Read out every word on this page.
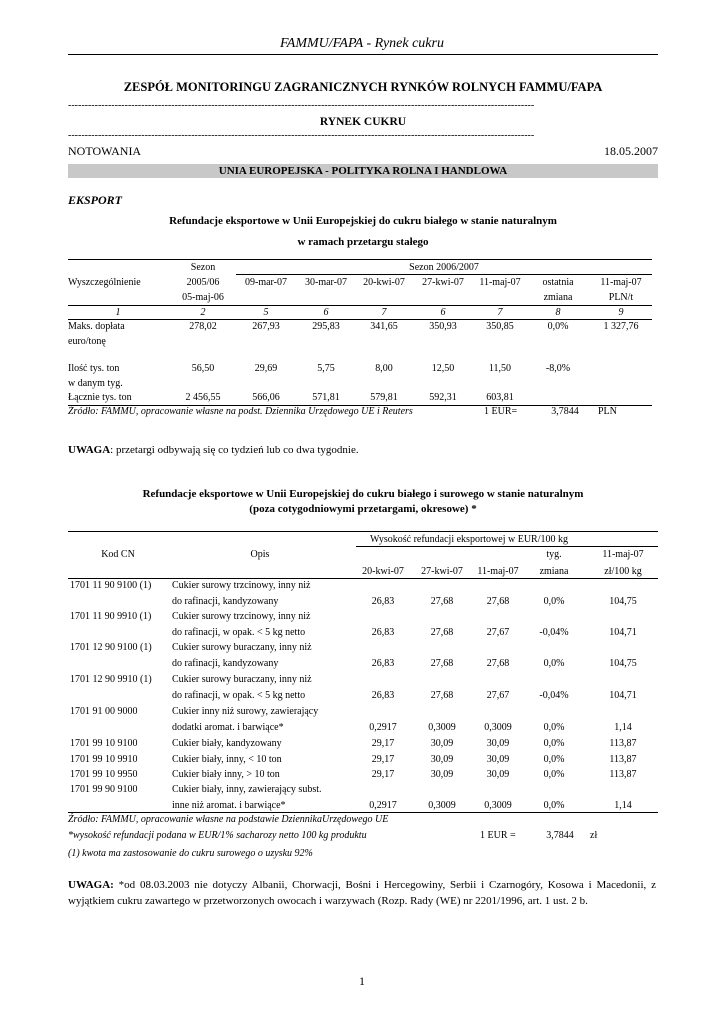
FAMMU/FAPA - Rynek cukru
ZESPÓŁ MONITORINGU ZAGRANICZNYCH RYNKÓW ROLNYCH FAMMU/FAPA
--------------------------------------------------------------------------------------------------------------------------------------------
RYNEK CUKRU
--------------------------------------------------------------------------------------------------------------------------------------------
NOTOWANIA	18.05.2007
UNIA EUROPEJSKA - POLITYKA ROLNA I HANDLOWA
EKSPORT
Refundacje eksportowe w Unii Europejskiej do cukru białego w stanie naturalnym
w ramach przetargu stałego
Sezon	Sezon 2006/2007
Wyszczególnienie	2005/06
05-maj-06
09-mar-07	30-mar-07	20-kwi-07	27-kwi-07	11-maj-07	ostatnia
zmiana
11-maj-07
PLN/t
1	2	5	6	7	6	7	8	9
Maks. dopłata
euro/tonę
278,02	267,93	295,83	341,65	350,93	350,85	0,0%	1 327,76
Ilość tys. ton
w danym tyg.
56,50	29,69	5,75	8,00	12,50	11,50	-8,0%
Łącznie tys. ton	2 456,55	566,06	571,81	579,81	592,31	603,81
Źródło: FAMMU, opracowanie własne na podst. Dziennika Urzędowego UE i Reuters	1 EUR=	3,7844	PLN
UWAGA: przetargi odbywają się co tydzień lub co dwa tygodnie.
Refundacje eksportowe w Unii Europejskiej do cukru białego i surowego w stanie naturalnym
(poza cotygodniowymi przetargami, okresowe) *
Wysokość refundacji eksportowej w EUR/100 kg
Kod CN	Opis	tyg.
zmiana
11-maj-07
zł/100 kg
20-kwi-07	27-kwi-07	11-maj-07
1701 11 90 9100 (1) Cukier surowy trzcinowy, inny niż
do rafinacji, kandyzowany	26,83	27,68	27,68	0,0%	104,75
1701 11 90 9910 (1) Cukier surowy trzcinowy, inny niż
do rafinacji, w opak. < 5 kg netto	26,83	27,68	27,67	-0,04%	104,71
1701 12 90 9100 (1) Cukier surowy buraczany, inny niż
do rafinacji, kandyzowany	26,83	27,68	27,68	0,0%	104,75
1701 12 90 9910 (1) Cukier surowy buraczany, inny niż
do rafinacji, w opak. < 5 kg netto	26,83	27,68	27,67	-0,04%	104,71
1701 91 00 9000	Cukier inny niż surowy, zawierający
dodatki aromat. i barwiące*	0,2917	0,3009	0,3009	0,0%	1,14
1701 99 10 9100	Cukier biały, kandyzowany	29,17	30,09	30,09	0,0%	113,87
1701 99 10 9910	Cukier biały, inny, < 10 ton	29,17	30,09	30,09	0,0%	113,87
1701 99 10 9950	Cukier biały inny, > 10 ton	29,17	30,09	30,09	0,0%	113,87
1701 99 90 9100	Cukier biały, inny, zawierający subst.
inne niż aromat. i barwiące*	0,2917	0,3009	0,3009	0,0%	1,14
Źródło: FAMMU, opracowanie własne na podstawie DziennikaUrzędowego UE
*wysokość refundacji podana w EUR/1% sacharozy netto 100 kg produktu	1 EUR =	3,7844	zł
(1) kwota ma zastosowanie do cukru surowego o uzysku 92%
UWAGA: *od 08.03.2003 nie dotyczy Albanii, Chorwacji, Bośni i Hercegowiny, Serbii i Czarnogóry, Kosowa i Macedonii, z wyjątkiem cukru zawartego w przetworzonych owocach i warzywach (Rozp. Rady (WE) nr 2201/1996, art. 1 ust. 2 b.
1
